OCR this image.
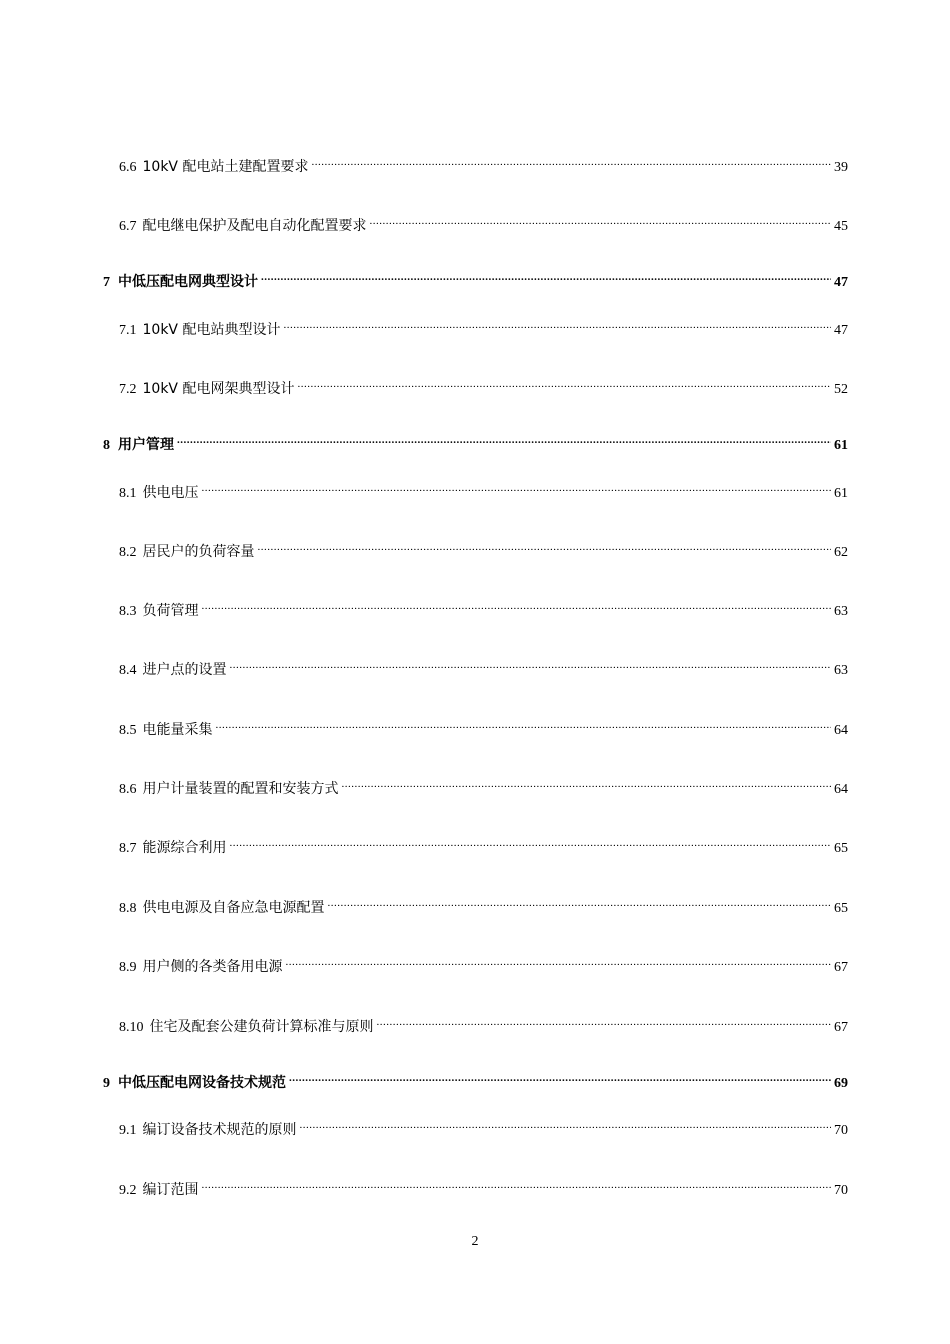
6.6 10kV 配电站土建配置要求 .....	39
6.7 配电继电保护及配电自动化配置要求 .....	45
7 中低压配电网典型设计 .....	47
7.1 10kV 配电站典型设计 .....	47
7.2 10kV 配电网架典型设计 .....	52
8 用户管理 .....	61
8.1 供电电压 .....	61
8.2 居民户的负荷容量 .....	62
8.3 负荷管理 .....	63
8.4 进户点的设置 .....	63
8.5 电能量采集 .....	64
8.6 用户计量装置的配置和安装方式 .....	64
8.7 能源综合利用 .....	65
8.8 供电电源及自备应急电源配置 .....	65
8.9 用户侧的各类备用电源 .....	67
8.10 住宅及配套公建负荷计算标准与原则 .....	67
9 中低压配电网设备技术规范 .....	69
9.1 编订设备技术规范的原则 .....	70
9.2 编订范围 .....	70
2
